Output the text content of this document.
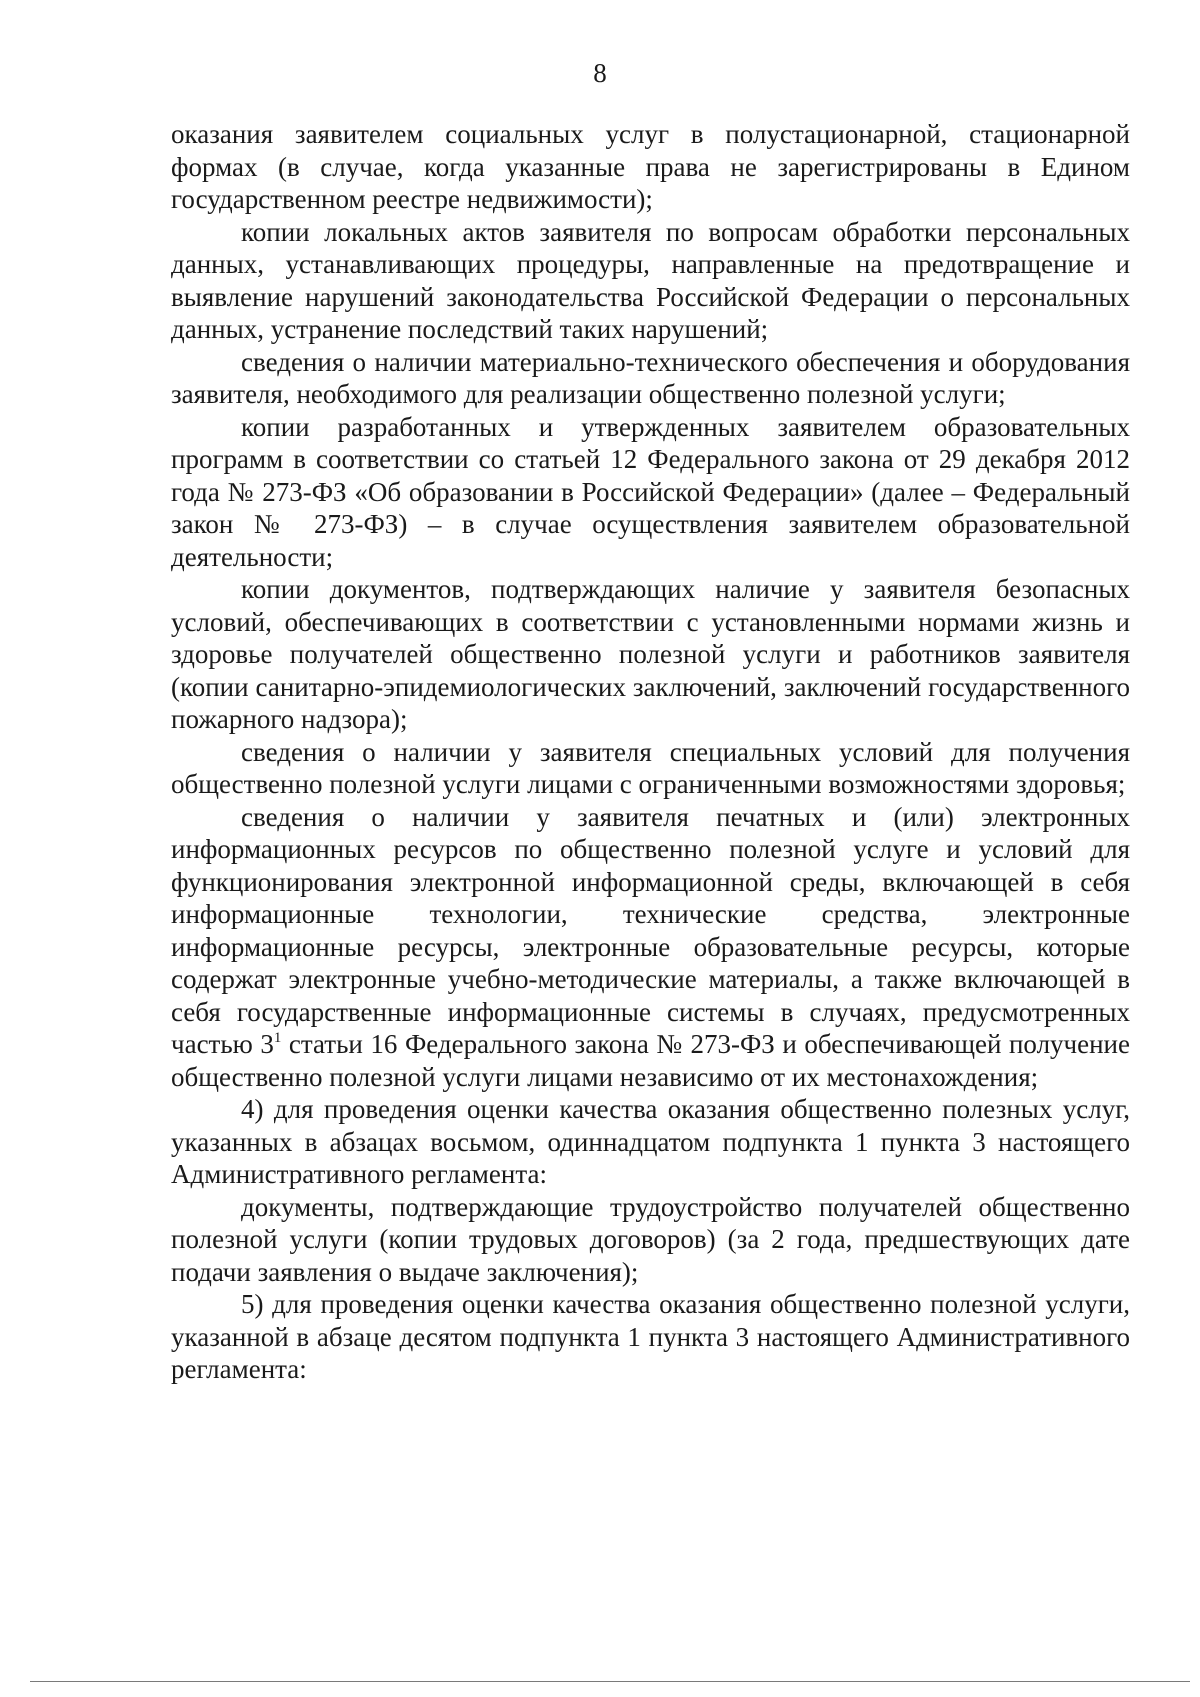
8

оказания заявителем социальных услуг в полустационарной, стационарной формах (в случае, когда указанные права не зарегистрированы в Едином государственном реестре недвижимости);

копии локальных актов заявителя по вопросам обработки персональных данных, устанавливающих процедуры, направленные на предотвращение и выявление нарушений законодательства Российской Федерации о персональных данных, устранение последствий таких нарушений;

сведения о наличии материально-технического обеспечения и оборудования заявителя, необходимого для реализации общественно полезной услуги;

копии разработанных и утвержденных заявителем образовательных программ в соответствии со статьей 12 Федерального закона от 29 декабря 2012 года № 273-ФЗ «Об образовании в Российской Федерации» (далее – Федеральный закон № 273-ФЗ) – в случае осуществления заявителем образовательной деятельности;

копии документов, подтверждающих наличие у заявителя безопасных условий, обеспечивающих в соответствии с установленными нормами жизнь и здоровье получателей общественно полезной услуги и работников заявителя (копии санитарно-эпидемиологических заключений, заключений государственного пожарного надзора);

сведения о наличии у заявителя специальных условий для получения общественно полезной услуги лицами с ограниченными возможностями здоровья;

сведения о наличии у заявителя печатных и (или) электронных информационных ресурсов по общественно полезной услуге и условий для функционирования электронной информационной среды, включающей в себя информационные технологии, технические средства, электронные информационные ресурсы, электронные образовательные ресурсы, которые содержат электронные учебно-методические материалы, а также включающей в себя государственные информационные системы в случаях, предусмотренных частью $3^1$ статьи 16 Федерального закона № 273-ФЗ и обеспечивающей получение общественно полезной услуги лицами независимо от их местонахождения;

4) для проведения оценки качества оказания общественно полезных услуг, указанных в абзацах восьмом, одиннадцатом подпункта 1 пункта 3 настоящего Административного регламента:

документы, подтверждающие трудоустройство получателей общественно полезной услуги (копии трудовых договоров) (за 2 года, предшествующих дате подачи заявления о выдаче заключения);

5) для проведения оценки качества оказания общественно полезной услуги, указанной в абзаце десятом подпункта 1 пункта 3 настоящего Административного регламента:
